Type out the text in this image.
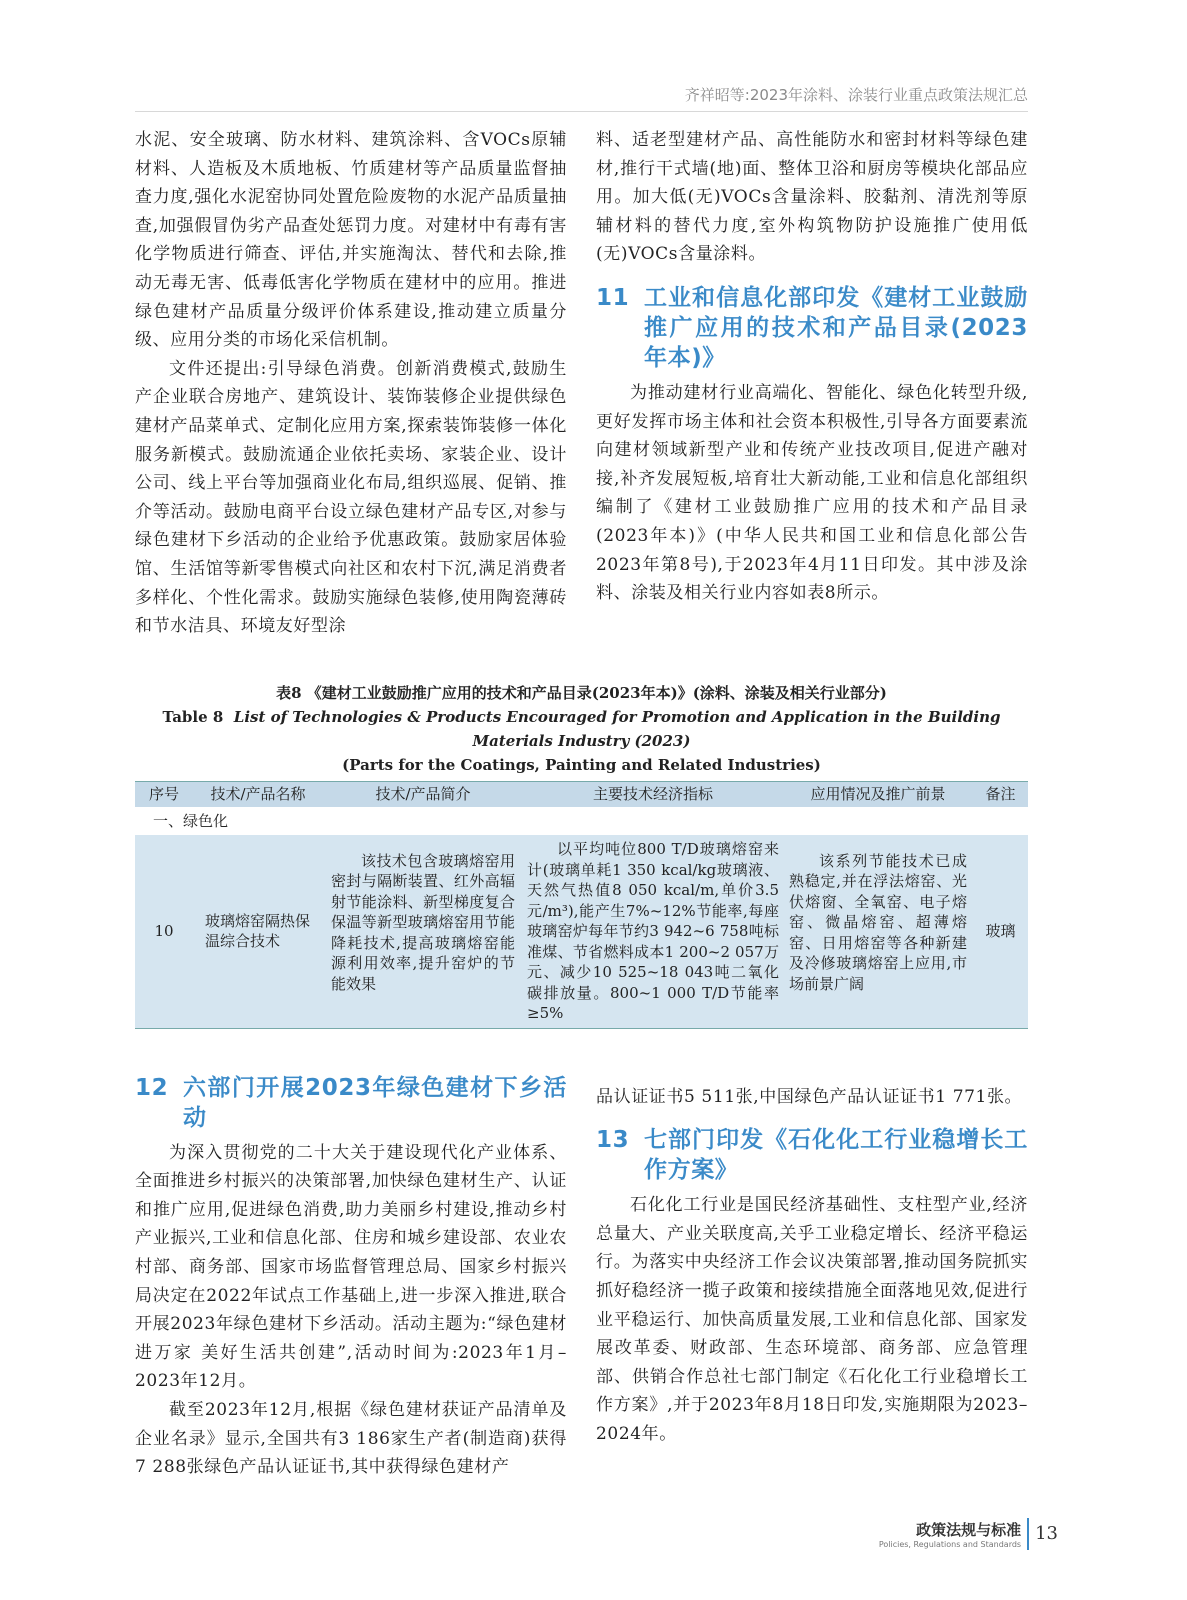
齐祥昭等:2023年涂料、涂装行业重点政策法规汇总

水泥、安全玻璃、防水材料、建筑涂料、含VOCs原辅材料、人造板及木质地板、竹质建材等产品质量监督抽查力度,强化水泥窑协同处置危险废物的水泥产品质量抽查,加强假冒伪劣产品查处惩罚力度。对建材中有毒有害化学物质进行筛查、评估,并实施淘汰、替代和去除,推动无毒无害、低毒低害化学物质在建材中的应用。推进绿色建材产品质量分级评价体系建设,推动建立质量分级、应用分类的市场化采信机制。

文件还提出:引导绿色消费。创新消费模式,鼓励生产企业联合房地产、建筑设计、装饰装修企业提供绿色建材产品菜单式、定制化应用方案,探索装饰装修一体化服务新模式。鼓励流通企业依托卖场、家装企业、设计公司、线上平台等加强商业化布局,组织巡展、促销、推介等活动。鼓励电商平台设立绿色建材产品专区,对参与绿色建材下乡活动的企业给予优惠政策。鼓励家居体验馆、生活馆等新零售模式向社区和农村下沉,满足消费者多样化、个性化需求。鼓励实施绿色装修,使用陶瓷薄砖和节水洁具、环境友好型涂

料、适老型建材产品、高性能防水和密封材料等绿色建材,推行干式墙(地)面、整体卫浴和厨房等模块化部品应用。加大低(无)VOCs含量涂料、胶黏剂、清洗剂等原辅材料的替代力度,室外构筑物防护设施推广使用低(无)VOCs含量涂料。

11 工业和信息化部印发《建材工业鼓励推广应用的技术和产品目录(2023年本)》

为推动建材行业高端化、智能化、绿色化转型升级,更好发挥市场主体和社会资本积极性,引导各方面要素流向建材领域新型产业和传统产业技改项目,促进产融对接,补齐发展短板,培育壮大新动能,工业和信息化部组织编制了《建材工业鼓励推广应用的技术和产品目录(2023年本)》(中华人民共和国工业和信息化部公告2023年第8号),于2023年4月11日印发。其中涉及涂料、涂装及相关行业内容如表8所示。

表8 《建材工业鼓励推广应用的技术和产品目录(2023年本)》(涂料、涂装及相关行业部分)
Table 8 List of Technologies & Products Encouraged for Promotion and Application in the Building Materials Industry (2023)
(Parts for the Coatings, Painting and Related Industries)
序号	技术/产品名称	技术/产品简介	主要技术经济指标	应用情况及推广前景	备注
一、绿色化					
10	玻璃熔窑隔热保温综合技术	该技术包含玻璃熔窑用密封与隔断装置、红外高辐射节能涂料、新型梯度复合保温等新型玻璃熔窑用节能降耗技术,提高玻璃熔窑能源利用效率,提升窑炉的节能效果	以平均吨位800 T/D玻璃熔窑来计(玻璃单耗1 350 kcal/kg玻璃液、天然气热值8 050 kcal/m,单价3.5元/m³),能产生7%~12%节能率,每座玻璃窑炉每年节约3 942~6 758吨标准煤、节省燃料成本1 200~2 057万元、减少10 525~18 043吨二氧化碳排放量。800~1 000 T/D节能率≥5%	该系列节能技术已成熟稳定,并在浮法熔窑、光伏熔窗、全氧窑、电子熔窑、微晶熔窑、超薄熔窑、日用熔窑等各种新建及冷修玻璃熔窑上应用,市场前景广阔	玻璃
12 六部门开展2023年绿色建材下乡活动

为深入贯彻党的二十大关于建设现代化产业体系、全面推进乡村振兴的决策部署,加快绿色建材生产、认证和推广应用,促进绿色消费,助力美丽乡村建设,推动乡村产业振兴,工业和信息化部、住房和城乡建设部、农业农村部、商务部、国家市场监督管理总局、国家乡村振兴局决定在2022年试点工作基础上,进一步深入推进,联合开展2023年绿色建材下乡活动。活动主题为:“绿色建材进万家 美好生活共创建”,活动时间为:2023年1月–2023年12月。

截至2023年12月,根据《绿色建材获证产品清单及企业名录》显示,全国共有3 186家生产者(制造商)获得7 288张绿色产品认证证书,其中获得绿色建材产

品认证证书5 511张,中国绿色产品认证证书1 771张。

13 七部门印发《石化化工行业稳增长工作方案》

石化化工行业是国民经济基础性、支柱型产业,经济总量大、产业关联度高,关乎工业稳定增长、经济平稳运行。为落实中央经济工作会议决策部署,推动国务院抓实抓好稳经济一揽子政策和接续措施全面落地见效,促进行业平稳运行、加快高质量发展,工业和信息化部、国家发展改革委、财政部、生态环境部、商务部、应急管理部、供销合作总社七部门制定《石化化工行业稳增长工作方案》,并于2023年8月18日印发,实施期限为2023–2024年。

政策法规与标准
Policies, Regulations and Standards
13
